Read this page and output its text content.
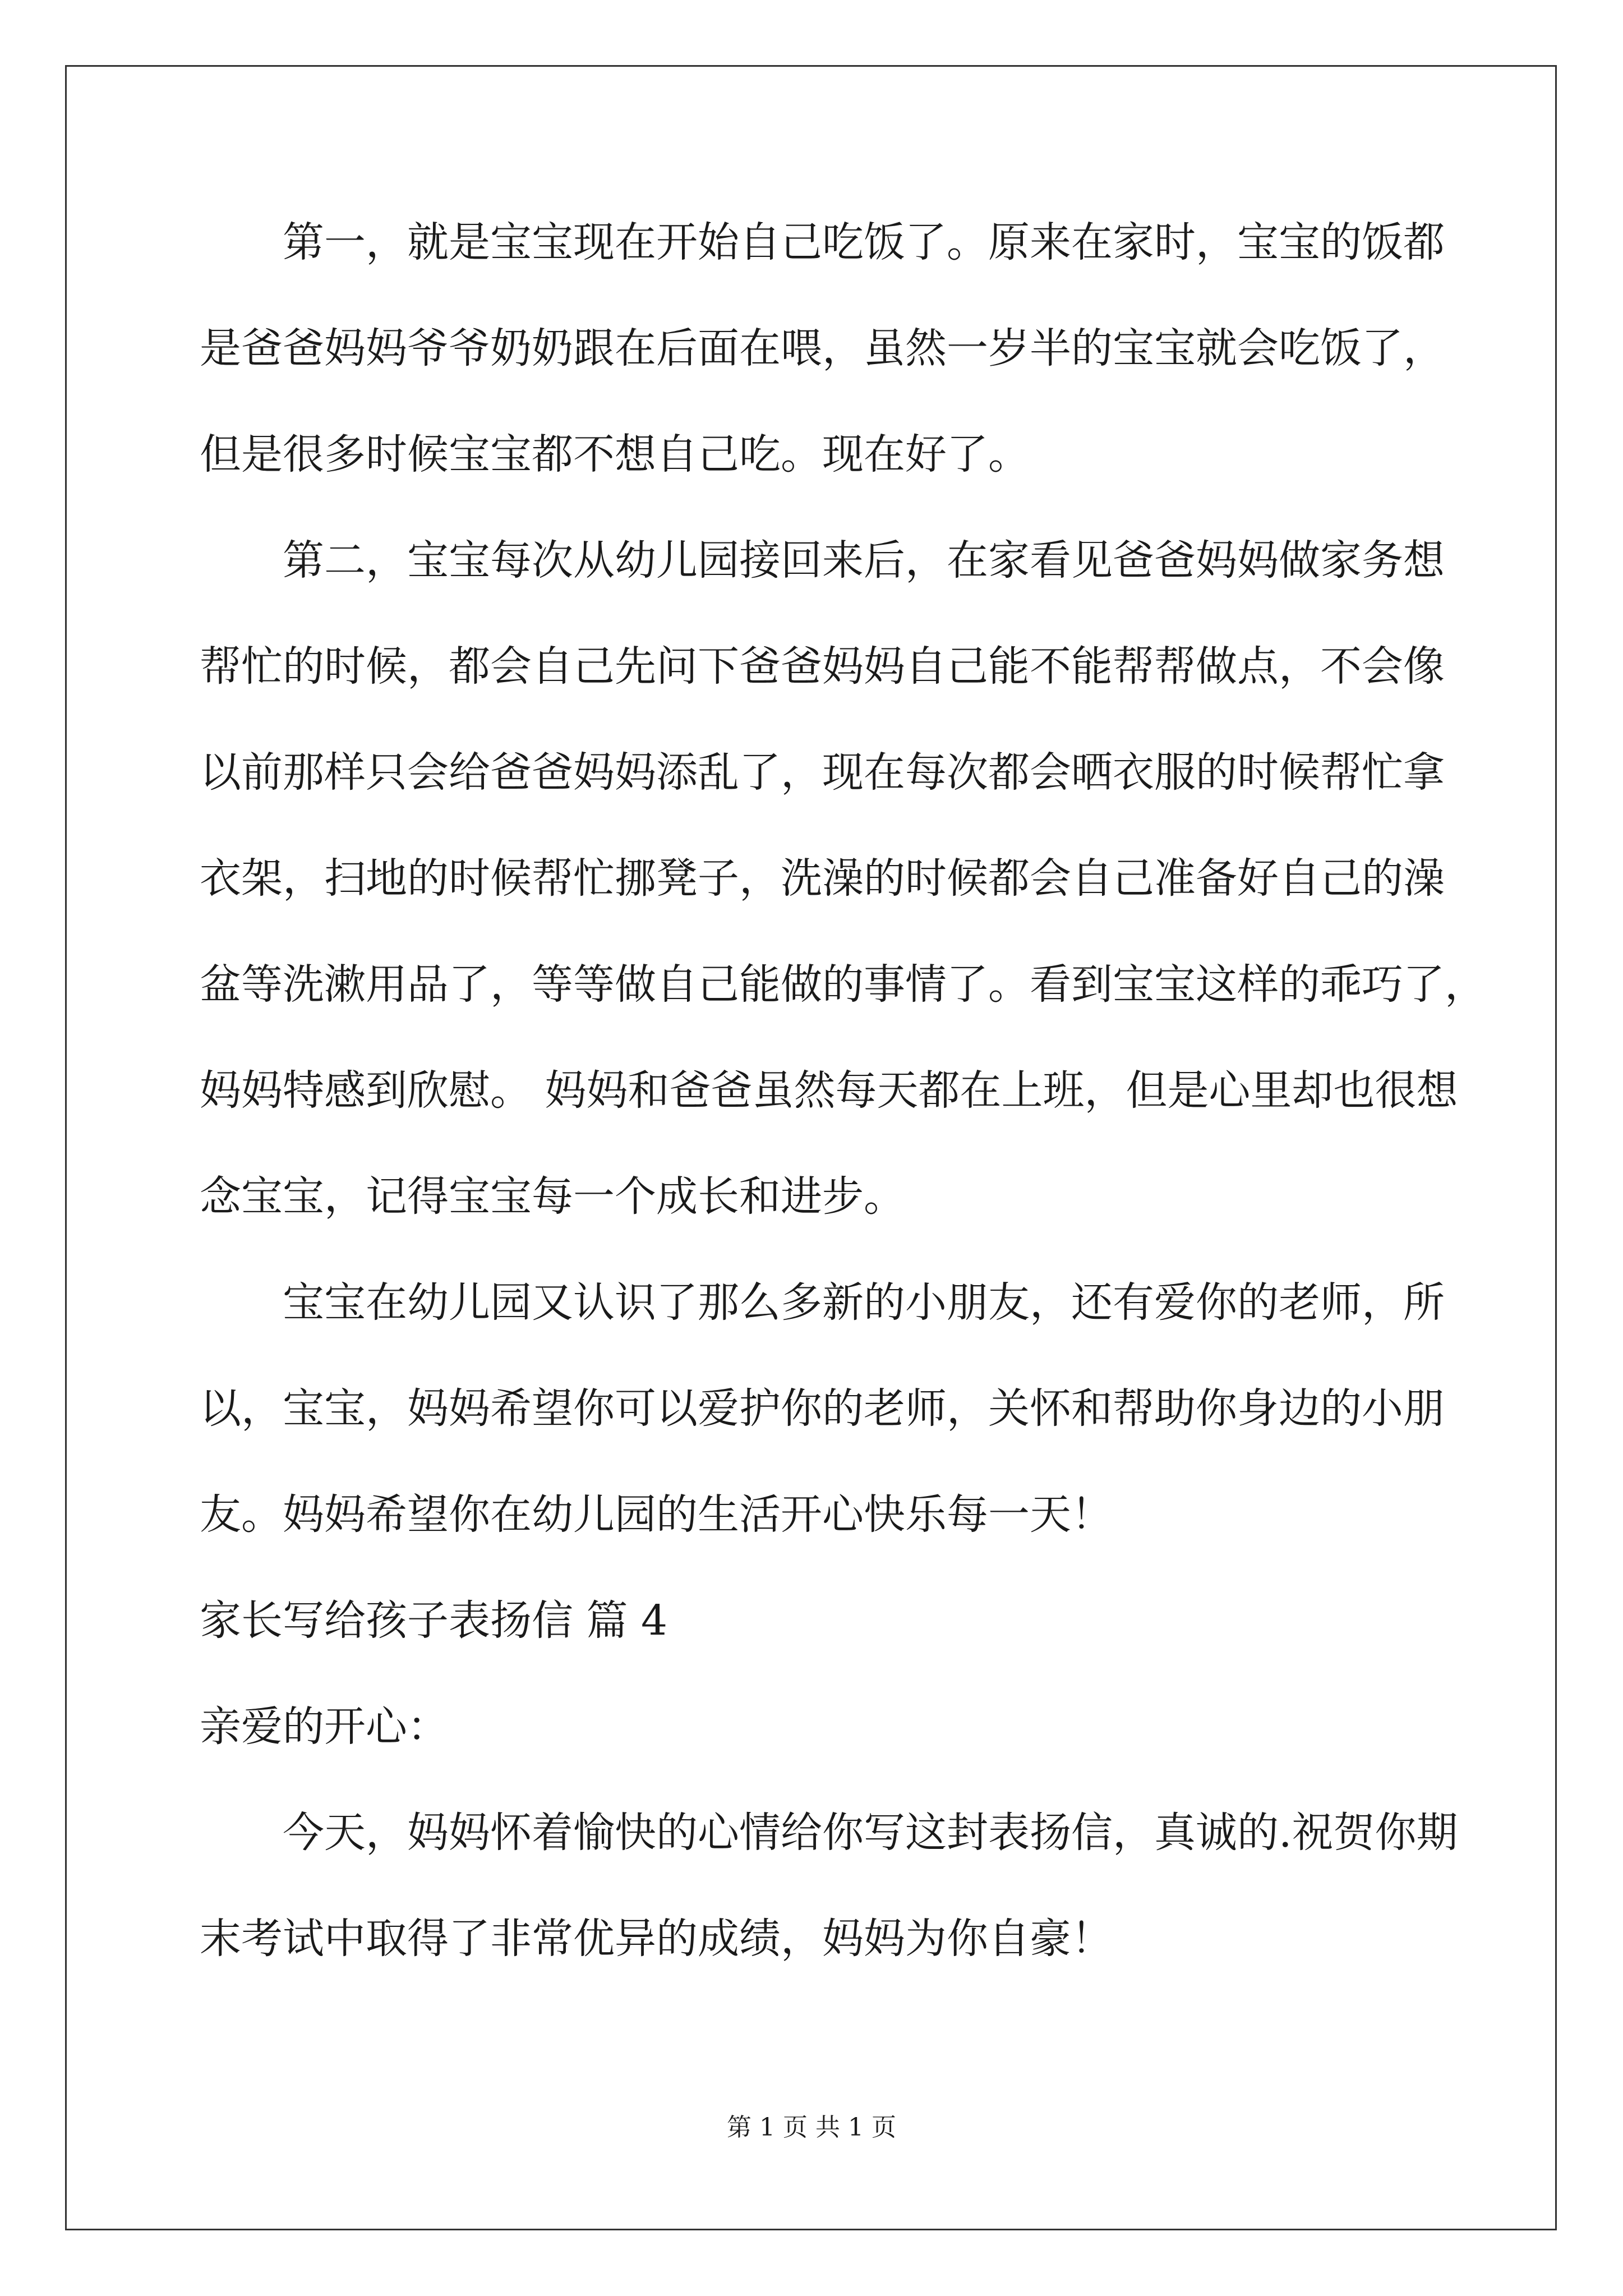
第一，就是宝宝现在开始自己吃饭了。原来在家时，宝宝的饭都
是爸爸妈妈爷爷奶奶跟在后面在喂，虽然一岁半的宝宝就会吃饭了，
但是很多时候宝宝都不想自己吃。现在好了。
第二，宝宝每次从幼儿园接回来后，在家看见爸爸妈妈做家务想
帮忙的时候，都会自己先问下爸爸妈妈自己能不能帮帮做点，不会像
以前那样只会给爸爸妈妈添乱了，现在每次都会晒衣服的时候帮忙拿
衣架，扫地的时候帮忙挪凳子，洗澡的时候都会自己准备好自己的澡
盆等洗漱用品了，等等做自己能做的事情了。看到宝宝这样的乖巧了，
妈妈特感到欣慰。 妈妈和爸爸虽然每天都在上班，但是心里却也很想
念宝宝，记得宝宝每一个成长和进步。
宝宝在幼儿园又认识了那么多新的小朋友，还有爱你的老师，所
以，宝宝，妈妈希望你可以爱护你的老师，关怀和帮助你身边的小朋
友。妈妈希望你在幼儿园的生活开心快乐每一天！
家长写给孩子表扬信 篇 4
亲爱的开心：
今天，妈妈怀着愉快的心情给你写这封表扬信，真诚的.祝贺你期
末考试中取得了非常优异的成绩，妈妈为你自豪！
第 1 页 共 1 页
